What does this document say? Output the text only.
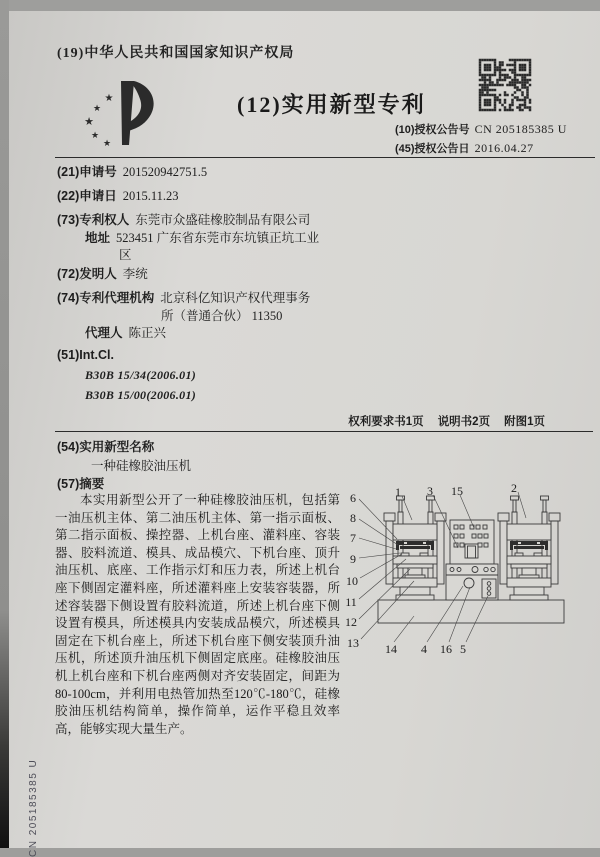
(19)中华人民共和国国家知识产权局
★
★
★
★
★
(12)实用新型专利
(10)授权公告号 CN 205185385 U
(45)授权公告日 2016.04.27
(21)申请号 201520942751.5
(22)申请日 2015.11.23
(73)专利权人 东莞市众盛硅橡胶制品有限公司
地址 523451 广东省东莞市东坑镇正坑工业
区
(72)发明人 李统
(74)专利代理机构 北京科亿知识产权代理事务
所（普通合伙） 11350
代理人 陈正兴
(51)Int.Cl.
B30B 15/34(2006.01)
B30B 15/00(2006.01)
权利要求书1页 说明书2页 附图1页
(54)实用新型名称
一种硅橡胶油压机
(57)摘要
本实用新型公开了一种硅橡胶油压机，包括第一油压机主体、第二油压机主体、第一指示面板、第二指示面板、操控器、上机台座、灌料座、容装器、胶料流道、模具、成品模穴、下机台座、顶升油压机、底座、工作指示灯和压力表，所述上机台座下侧固定灌料座，所述灌料座上安装容装器，所述容装器下侧设置有胶料流道，所述上机台座下侧设置有模具，所述模具内安装成品模穴，所述模具固定在下机台座上，所述下机台座下侧安装顶升油压机，所述顶升油压机下侧固定底座。硅橡胶油压机上机台座和下机台座两侧对齐安装固定，间距为80-100cm，并利用电热管加热至120℃-180℃，硅橡胶油压机结构简单，操作简单，运作平稳且效率高，能够实现大量生产。
1 3 15	2
6
8
7
9
10
11
12
13 14 4 16 5
CN 205185385 U
